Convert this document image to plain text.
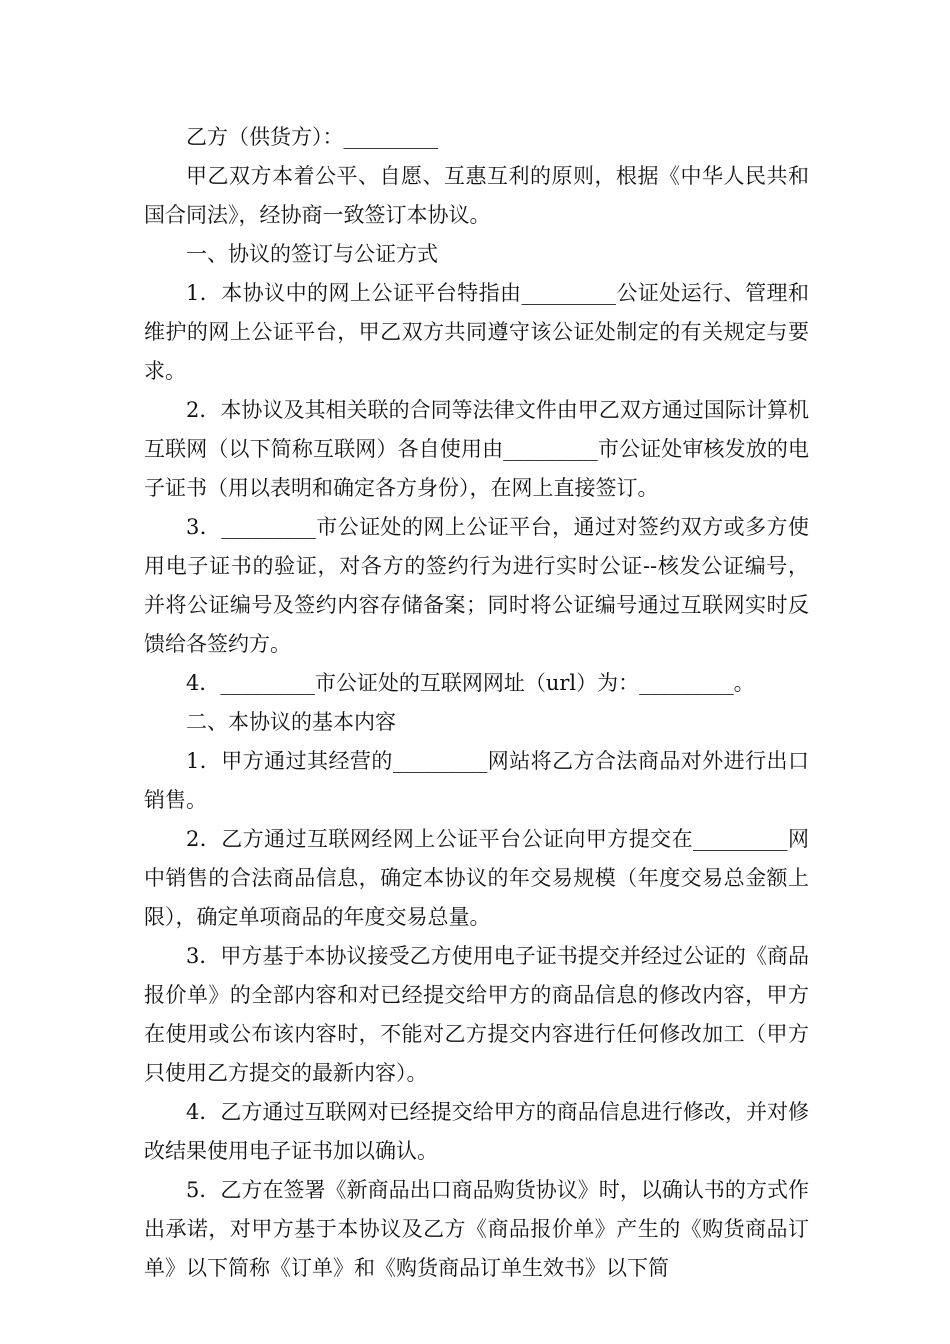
乙方（供货方）：_________

甲乙双方本着公平、自愿、互惠互利的原则，根据《中华人民共和国合同法》，经协商一致签订本协议。

一、协议的签订与公证方式

1．本协议中的网上公证平台特指由_________公证处运行、管理和维护的网上公证平台，甲乙双方共同遵守该公证处制定的有关规定与要求。

2．本协议及其相关联的合同等法律文件由甲乙双方通过国际计算机互联网（以下简称互联网）各自使用由_________市公证处审核发放的电子证书（用以表明和确定各方身份），在网上直接签订。

3．_________市公证处的网上公证平台，通过对签约双方或多方使用电子证书的验证，对各方的签约行为进行实时公证--核发公证编号，并将公证编号及签约内容存储备案；同时将公证编号通过互联网实时反馈给各签约方。

4．_________市公证处的互联网网址（url）为：_________。

二、本协议的基本内容

1．甲方通过其经营的_________网站将乙方合法商品对外进行出口销售。

2．乙方通过互联网经网上公证平台公证向甲方提交在_________网中销售的合法商品信息，确定本协议的年交易规模（年度交易总金额上限），确定单项商品的年度交易总量。

3．甲方基于本协议接受乙方使用电子证书提交并经过公证的《商品报价单》的全部内容和对已经提交给甲方的商品信息的修改内容，甲方在使用或公布该内容时，不能对乙方提交内容进行任何修改加工（甲方只使用乙方提交的最新内容）。

4．乙方通过互联网对已经提交给甲方的商品信息进行修改，并对修改结果使用电子证书加以确认。

5．乙方在签署《新商品出口商品购货协议》时，以确认书的方式作出承诺，对甲方基于本协议及乙方《商品报价单》产生的《购货商品订单》以下简称《订单》和《购货商品订单生效书》以下简
